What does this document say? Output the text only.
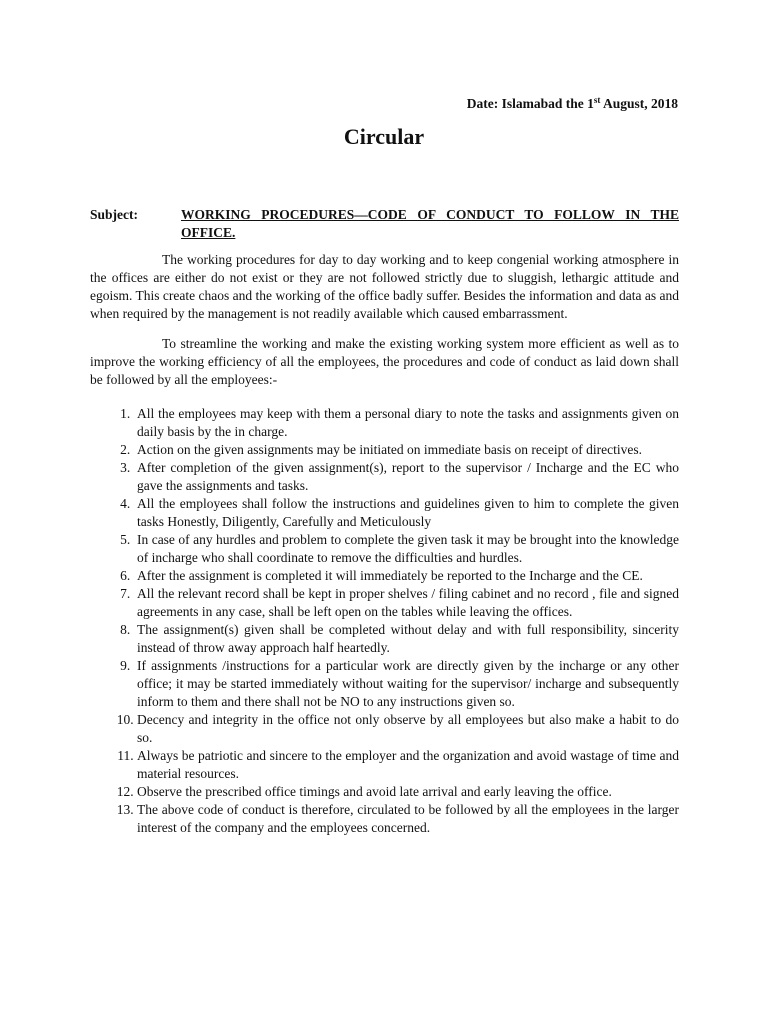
Date: Islamabad the 1st August, 2018
Circular
Subject:	WORKING PROCEDURES—CODE OF CONDUCT TO FOLLOW IN THE OFFICE.

The working procedures for day to day working and to keep congenial working atmosphere in the offices are either do not exist or they are not followed strictly due to sluggish, lethargic attitude and egoism. This create chaos and the working of the office badly suffer. Besides the information and data as and when required by the management is not readily available which caused embarrassment.

To streamline the working and make the existing working system more efficient as well as to improve the working efficiency of all the employees, the procedures and code of conduct as laid down shall be followed by all the employees:-

1. All the employees may keep with them a personal diary to note the tasks and assignments given on daily basis by the in charge.
2. Action on the given assignments may be initiated on immediate basis on receipt of directives.
3. After completion of the given assignment(s), report to the supervisor / Incharge and the EC who gave the assignments and tasks.
4. All the employees shall follow the instructions and guidelines given to him to complete the given tasks Honestly, Diligently, Carefully and Meticulously
5. In case of any hurdles and problem to complete the given task it may be brought into the knowledge of incharge who shall coordinate to remove the difficulties and hurdles.
6. After the assignment is completed it will immediately be reported to the Incharge and the CE.
7. All the relevant record shall be kept in proper shelves / filing cabinet and no record , file and signed agreements in any case, shall be left open on the tables while leaving the offices.
8. The assignment(s) given shall be completed without delay and with full responsibility, sincerity instead of throw away approach half heartedly.
9. If assignments /instructions for a particular work are directly given by the incharge or any other office; it may be started immediately without waiting for the supervisor/ incharge and subsequently inform to them and there shall not be NO to any instructions given so.
10. Decency and integrity in the office not only observe by all employees but also make a habit to do so.
11. Always be patriotic and sincere to the employer and the organization and avoid wastage of time and material resources.
12. Observe the prescribed office timings and avoid late arrival and early leaving the office.
13. The above code of conduct is therefore, circulated to be followed by all the employees in the larger interest of the company and the employees concerned.
